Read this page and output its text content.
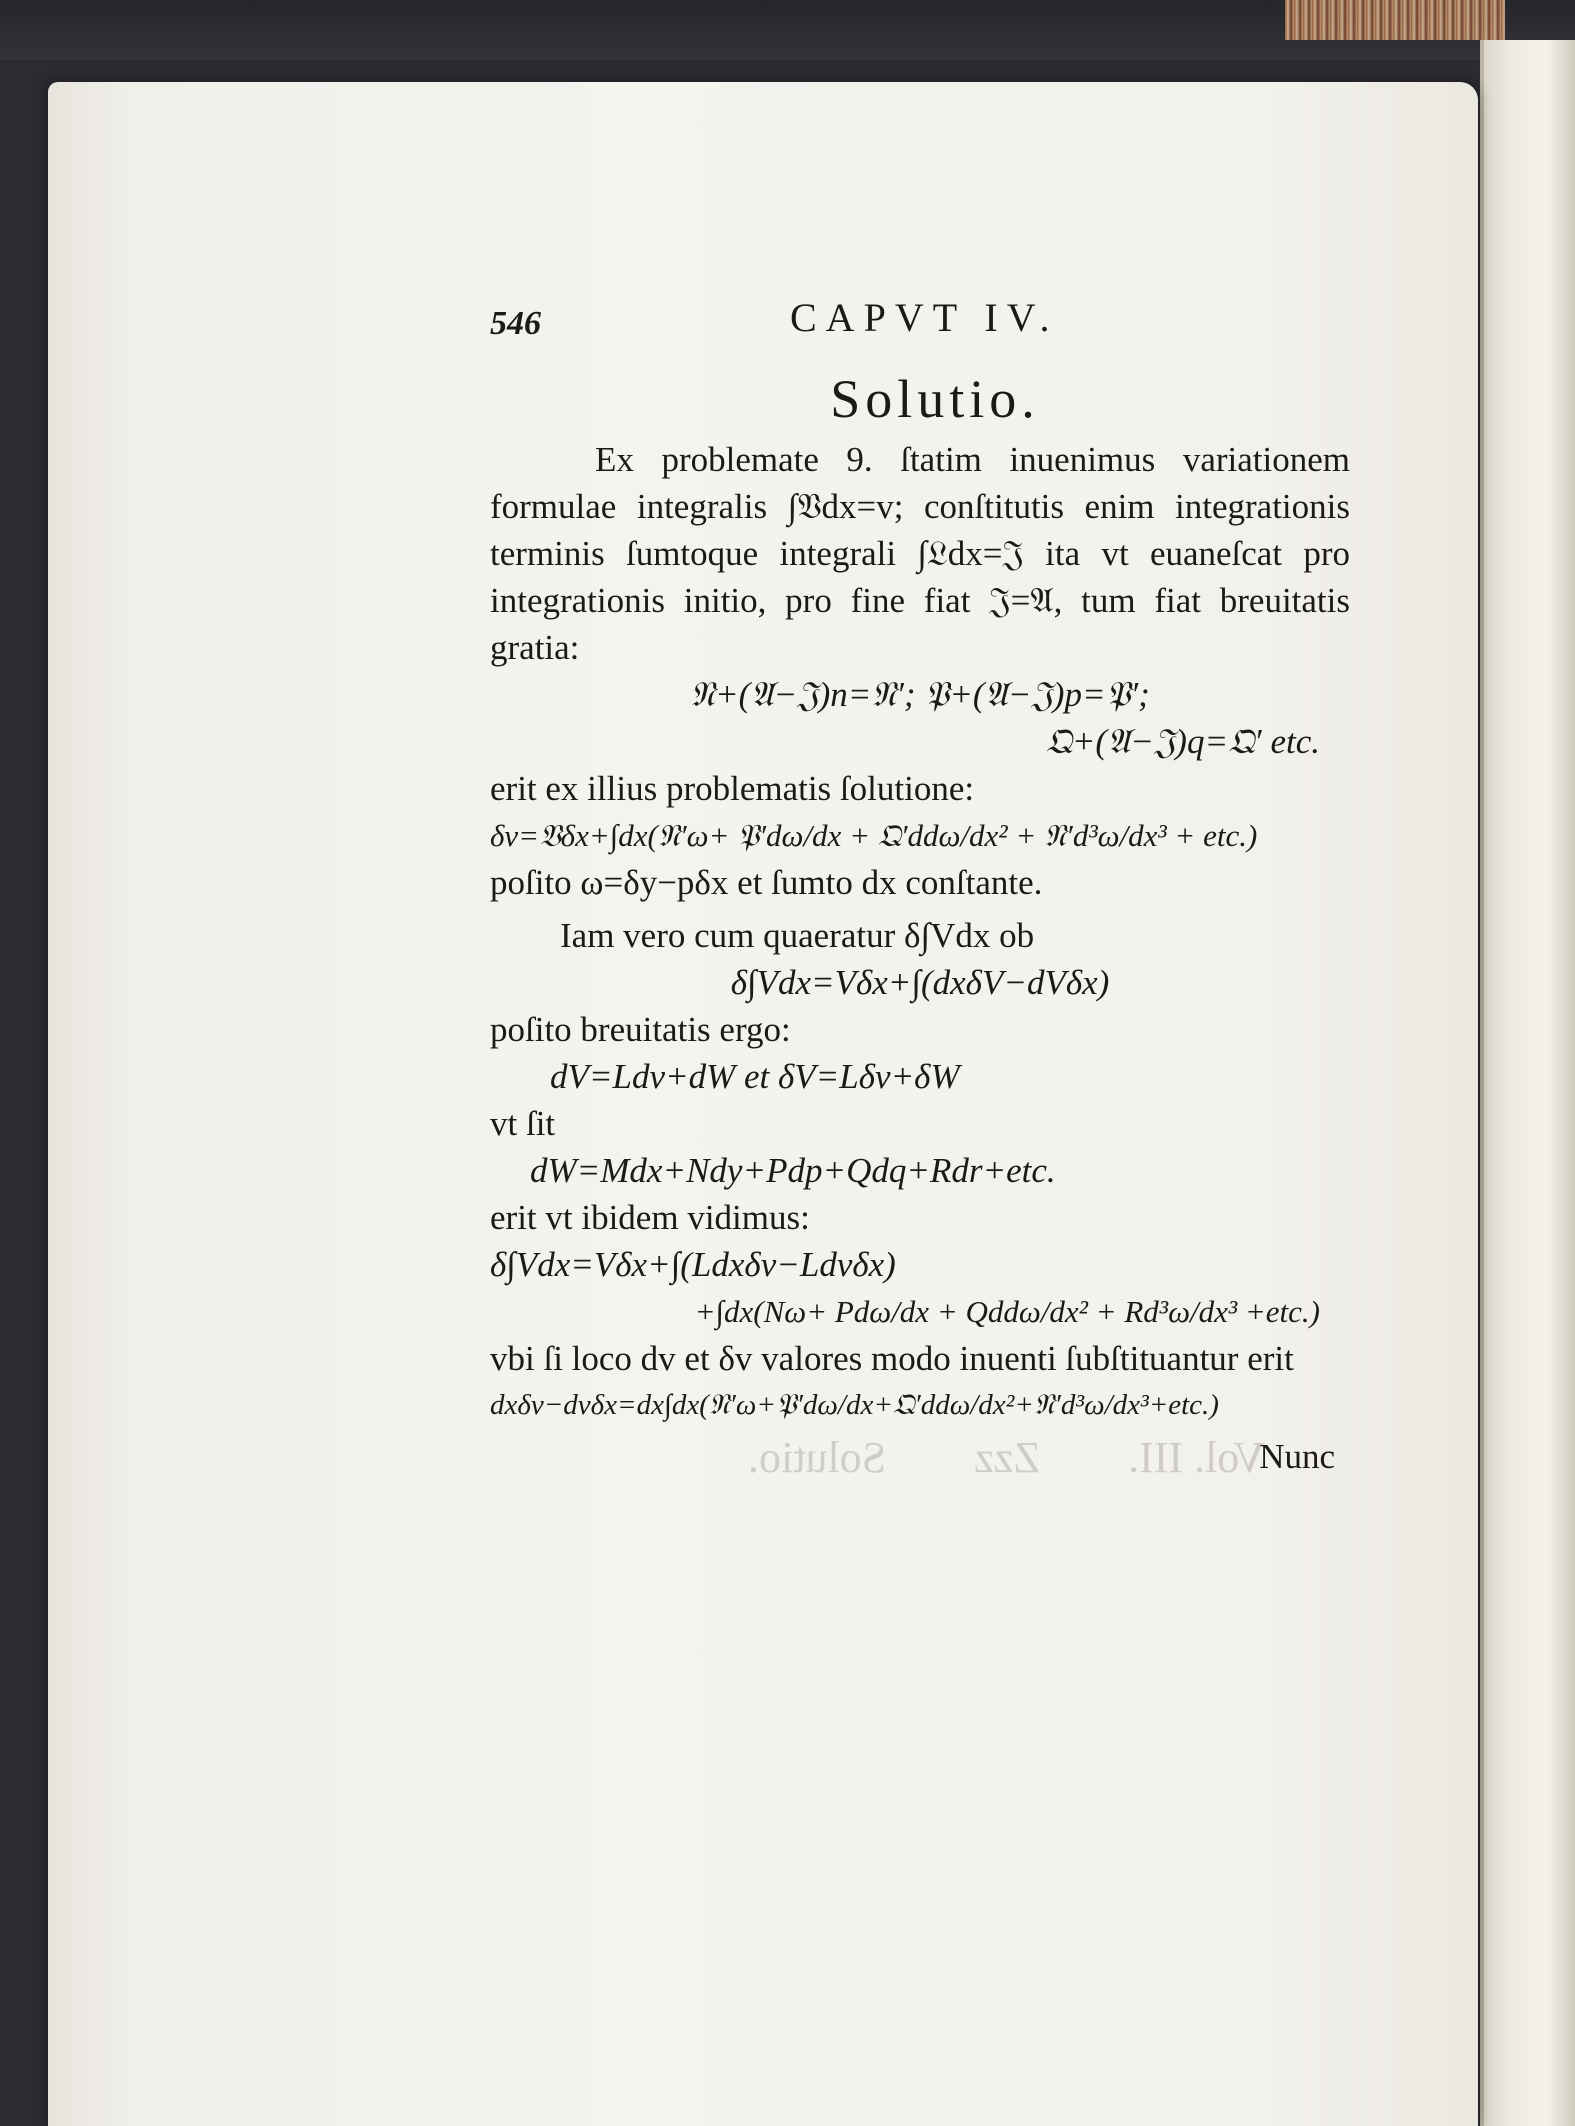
Vol. III.        Zzz        Solutio.
546	CAPVT IV.
Solutio.

Ex problemate 9. ſtatim inuenimus variationem formulae integralis ∫𝔙dx=v; conſtitutis enim integrationis terminis ſumtoque integrali ∫𝔏dx=𝔍 ita vt euaneſcat pro integrationis initio, pro fine fiat 𝔍=𝔄, tum fiat breuitatis gratia:

𝔑+(𝔄−𝔍)n=𝔑′; 𝔓+(𝔄−𝔍)p=𝔓′;

𝔔+(𝔄−𝔍)q=𝔔′ etc.

erit ex illius problematis ſolutione:

δv=𝔙δx+∫dx(𝔑′ω+ 𝔓′dω/dx + 𝔔′ddω/dx² + 𝔑′d³ω/dx³ + etc.)

poſito ω=δy−pδx et ſumto dx conſtante.

Iam vero cum quaeratur δ∫Vdx ob

δ∫Vdx=Vδx+∫(dxδV−dVδx)

poſito breuitatis ergo:

dV=Ldv+dW et δV=Lδv+δW

vt ſit

dW=Mdx+Ndy+Pdp+Qdq+Rdr+etc.

erit vt ibidem vidimus:

δ∫Vdx=Vδx+∫(Ldxδv−Ldvδx)

+∫dx(Nω+ Pdω/dx + Qddω/dx² + Rd³ω/dx³ +etc.)

vbi ſi loco dv et δv valores modo inuenti ſubſtituantur erit

dxδv−dvδx=dx∫dx(𝔑′ω+𝔓′dω/dx+𝔔′ddω/dx²+𝔑′d³ω/dx³+etc.)

Nunc
